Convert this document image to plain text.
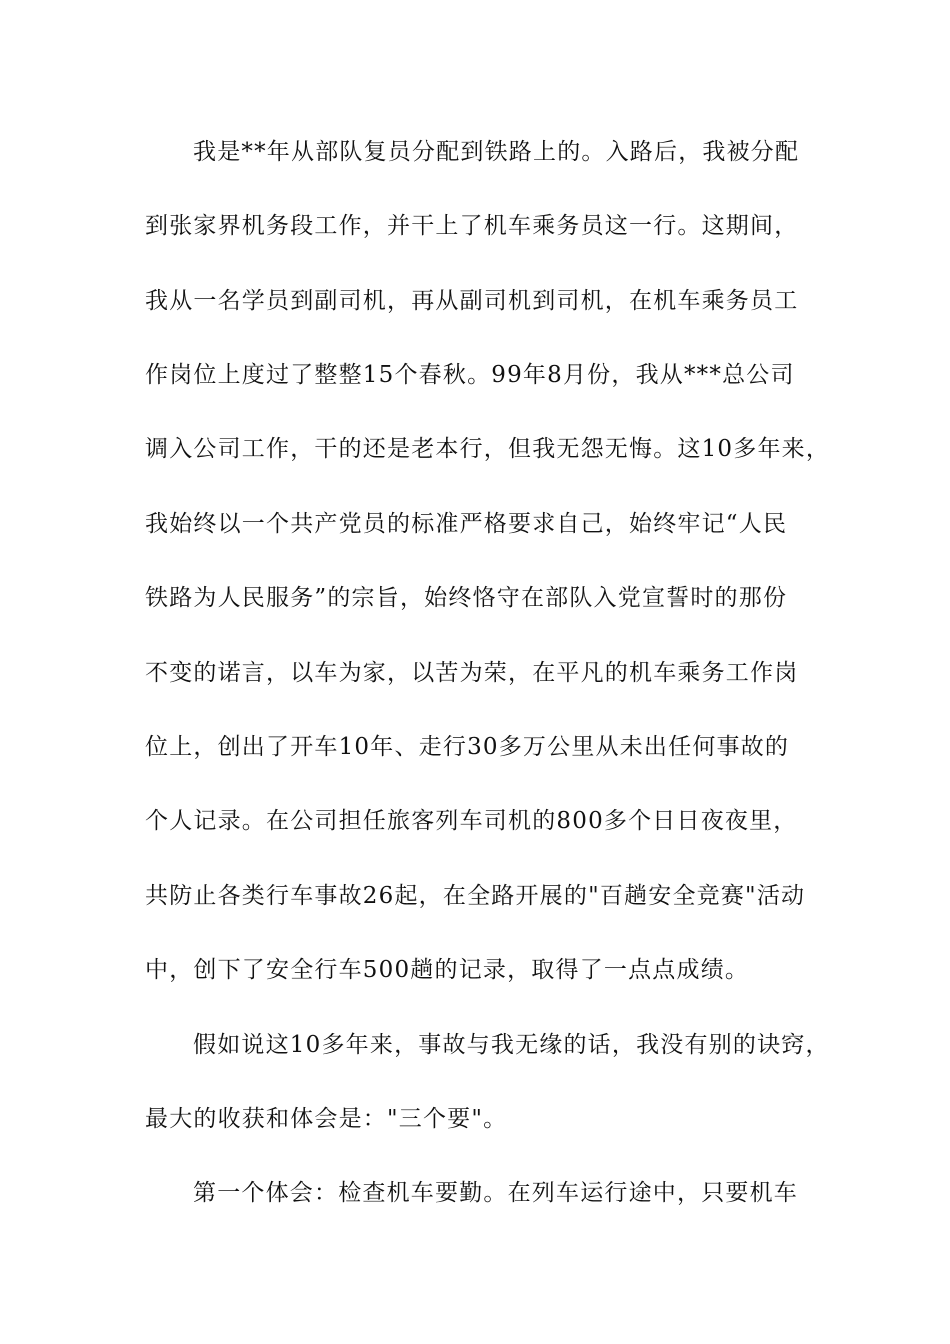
我是**年从部队复员分配到铁路上的。入路后，我被分配
到张家界机务段工作，并干上了机车乘务员这一行。这期间，
我从一名学员到副司机，再从副司机到司机，在机车乘务员工
作岗位上度过了整整15个春秋。99年8月份，我从***总公司
调入公司工作，干的还是老本行，但我无怨无悔。这10多年来，
我始终以一个共产党员的标准严格要求自己，始终牢记“人民
铁路为人民服务”的宗旨，始终恪守在部队入党宣誓时的那份
不变的诺言，以车为家，以苦为荣，在平凡的机车乘务工作岗
位上，创出了开车10年、走行30多万公里从未出任何事故的
个人记录。在公司担任旅客列车司机的800多个日日夜夜里，
共防止各类行车事故26起，在全路开展的"百趟安全竞赛"活动
中，创下了安全行车500趟的记录，取得了一点点成绩。
假如说这10多年来，事故与我无缘的话，我没有别的诀窍，
最大的收获和体会是："三个要"。
第一个体会：检查机车要勤。在列车运行途中，只要机车
